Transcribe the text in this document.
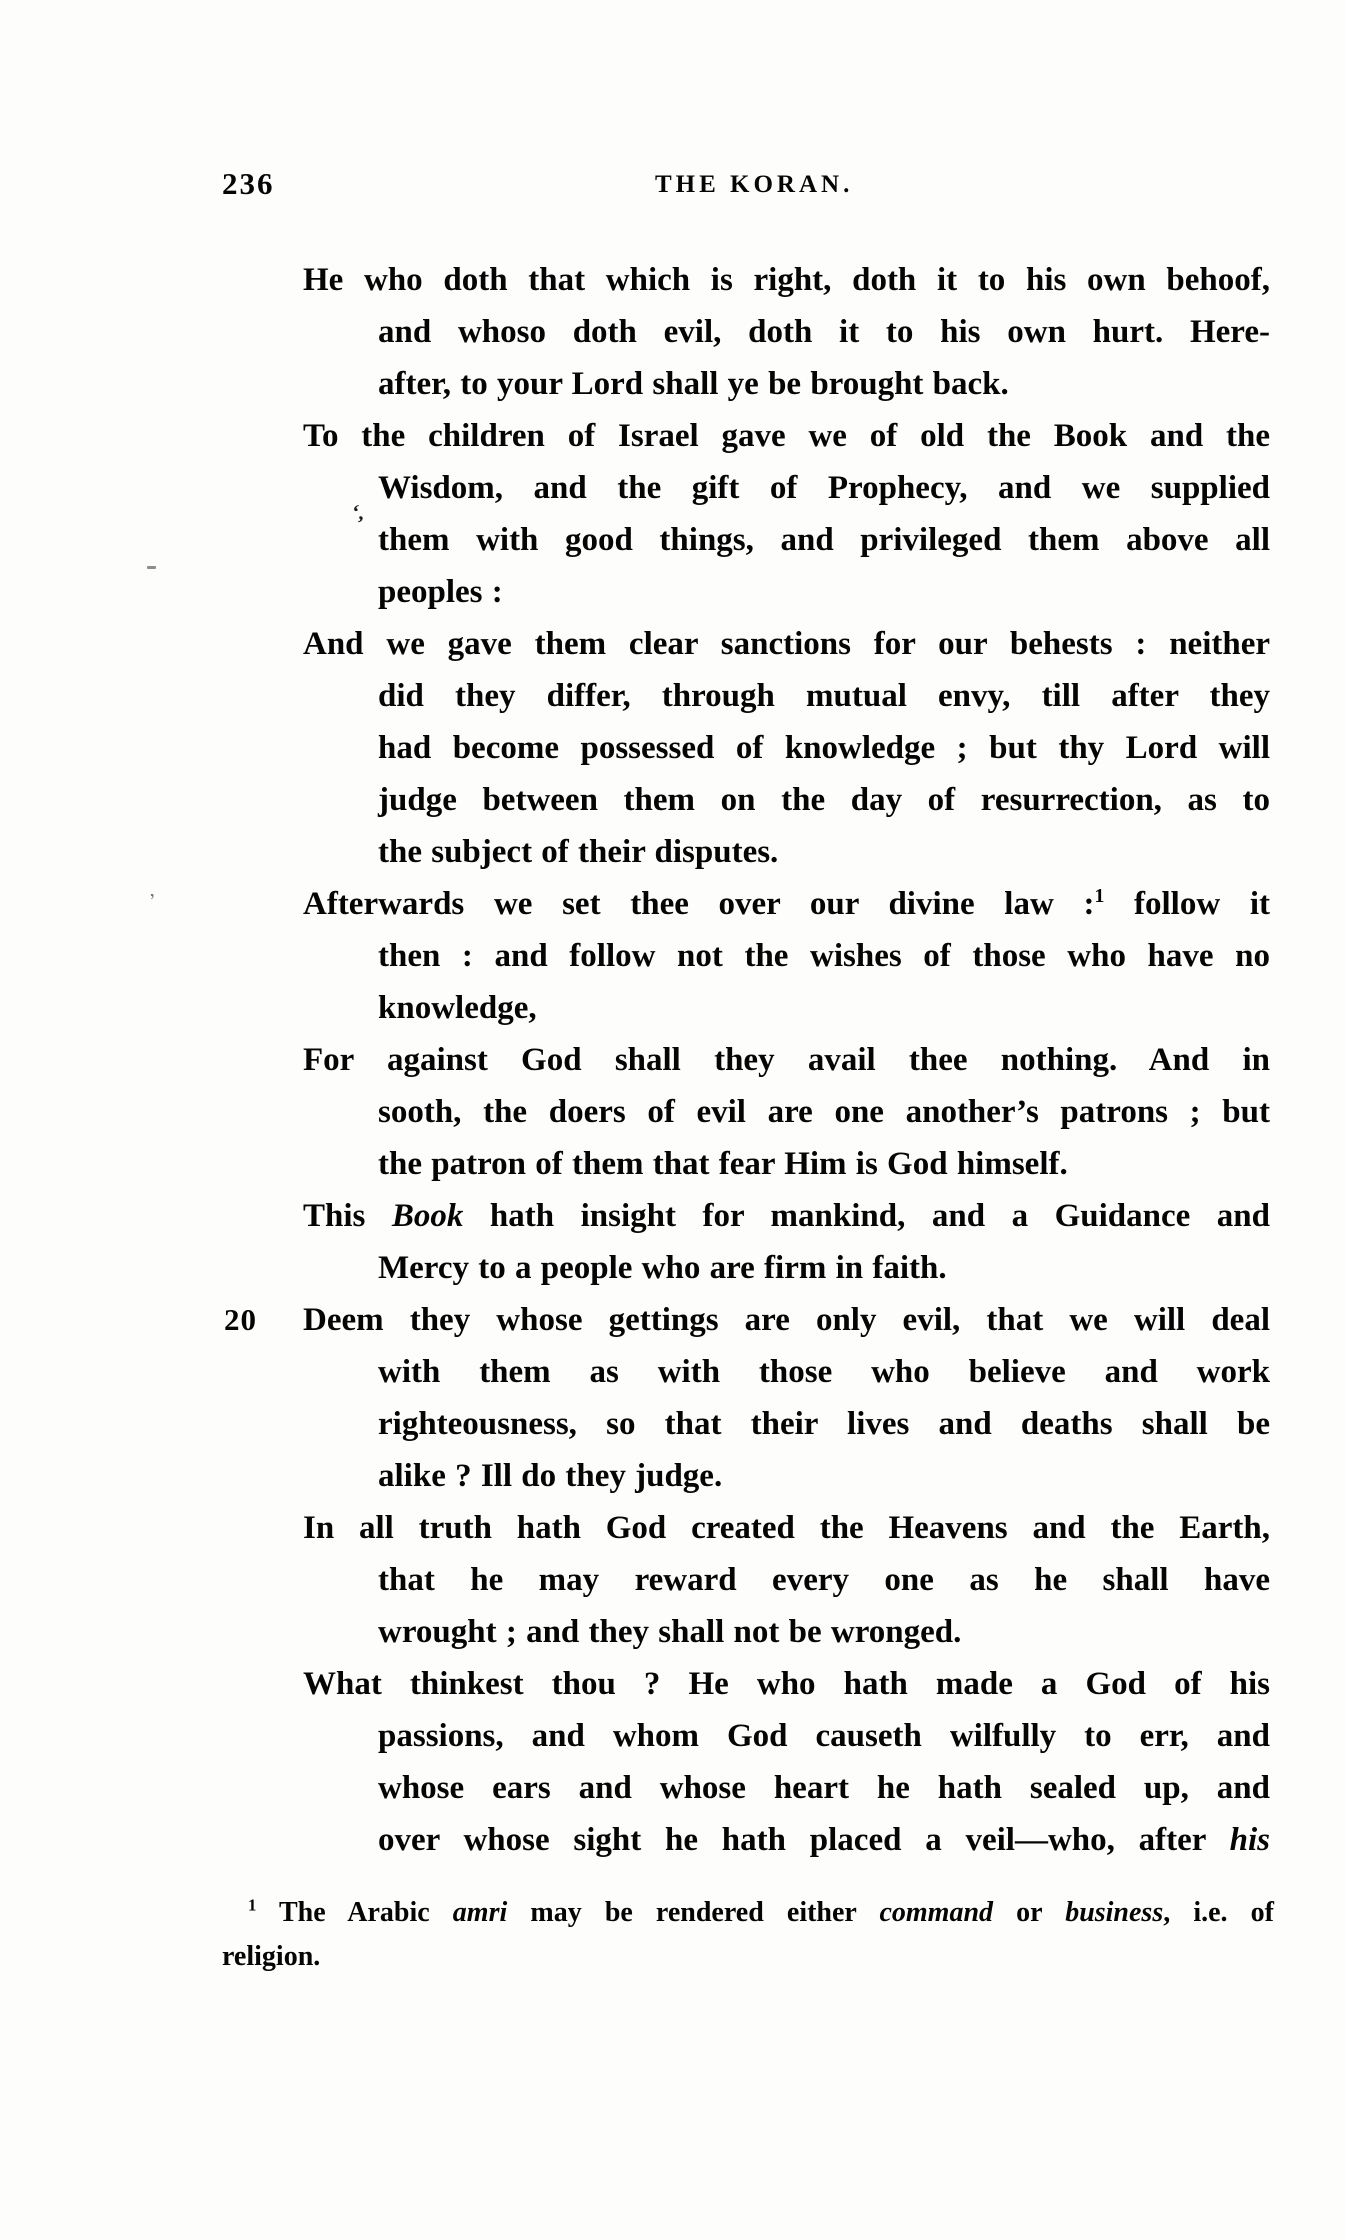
236	THE KORAN.
He who doth that which is right, doth it to his own behoof,
and whoso doth evil, doth it to his own hurt. Here-
after, to your Lord shall ye be brought back.
To the children of Israel gave we of old the Book and the
Wisdom, and the gift of Prophecy, and we supplied
them with good things, and privileged them above all
peoples :
And we gave them clear sanctions for our behests : neither
did they differ, through mutual envy, till after they
had become possessed of knowledge ; but thy Lord will
judge between them on the day of resurrection, as to
the subject of their disputes.
Afterwards we set thee over our divine law :$^1$ follow it
then : and follow not the wishes of those who have no
knowledge,
For against God shall they avail thee nothing. And in
sooth, the doers of evil are one another’s patrons ; but
the patron of them that fear Him is God himself.
This Book hath insight for mankind, and a Guidance and
Mercy to a people who are firm in faith.
20 Deem they whose gettings are only evil, that we will deal
with them as with those who believe and work
righteousness, so that their lives and deaths shall be
alike ? Ill do they judge.
In all truth hath God created the Heavens and the Earth,
that he may reward every one as he shall have
wrought ; and they shall not be wronged.
What thinkest thou ? He who hath made a God of his
passions, and whom God causeth wilfully to err, and
whose ears and whose heart he hath sealed up, and
over whose sight he hath placed a veil—who, after his
$^1$ The Arabic amri may be rendered either command or business, i.e. of
religion.
ʻ,
ʼ
